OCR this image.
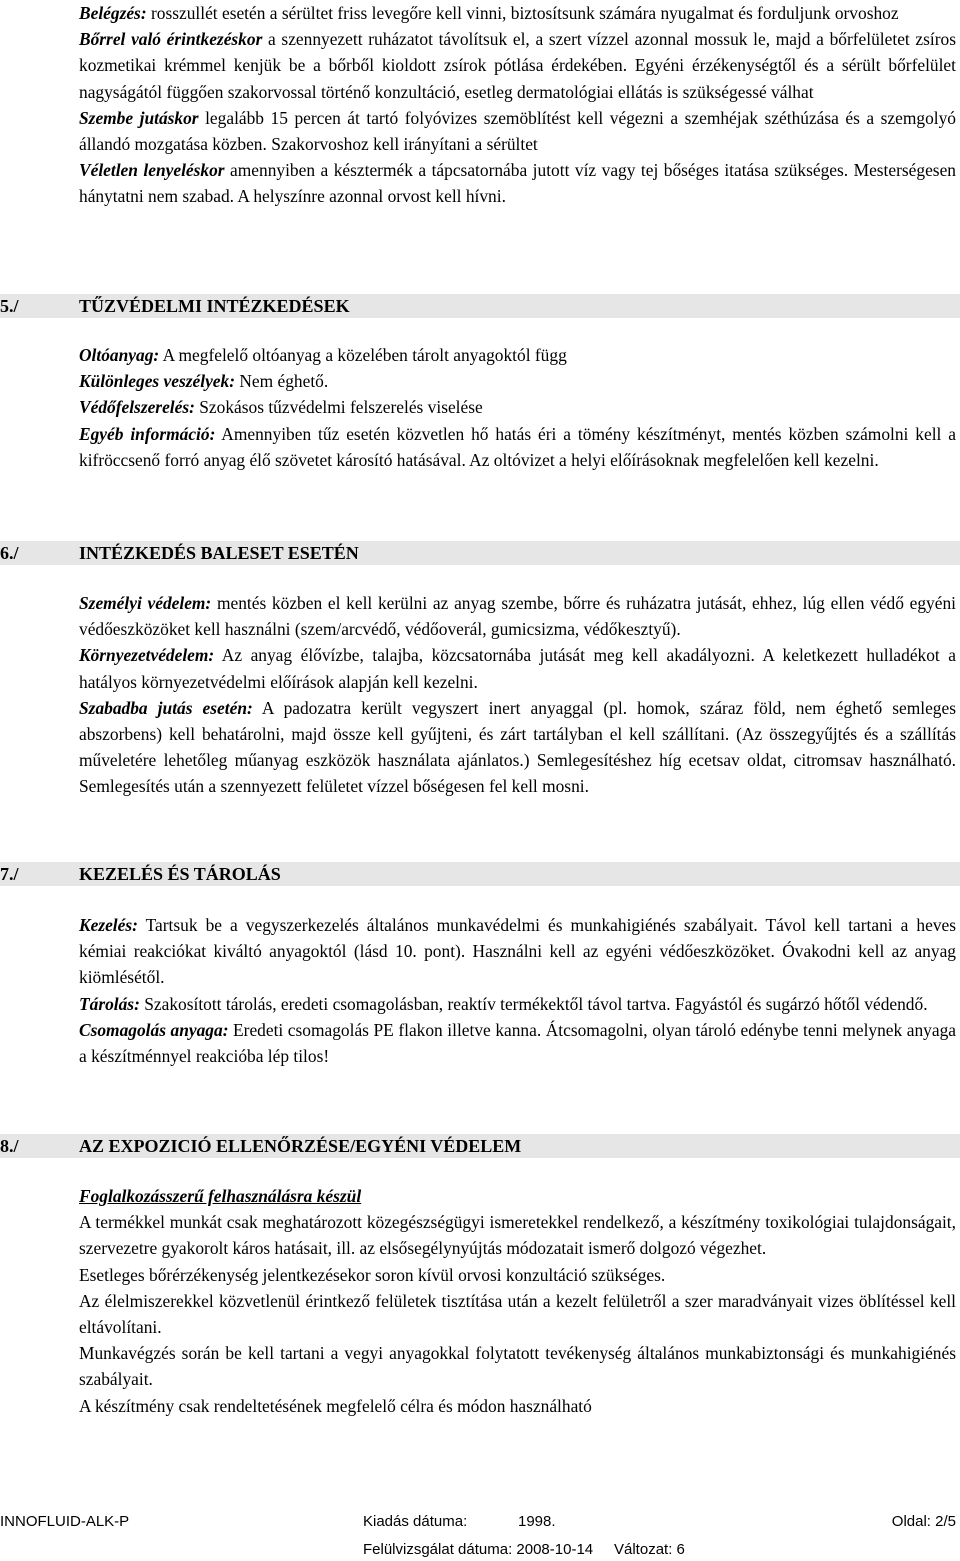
Belégzés: rosszullét esetén a sérültet friss levegőre kell vinni, biztosítsunk számára nyugalmat és forduljunk orvoshoz

Bőrrel való érintkezéskor a szennyezett ruházatot távolítsuk el, a szert vízzel azonnal mossuk le, majd a bőrfelületet zsíros kozmetikai krémmel kenjük be a bőrből kioldott zsírok pótlása érdekében. Egyéni érzékenységtől és a sérült bőrfelület nagyságától függően szakorvossal történő konzultáció, esetleg dermatológiai ellátás is szükségessé válhat

Szembe jutáskor legalább 15 percen át tartó folyóvizes szemöblítést kell végezni a szemhéjak széthúzása és a szemgolyó állandó mozgatása közben. Szakorvoshoz kell irányítani a sérültet

Véletlen lenyeléskor amennyiben a késztermék a tápcsatornába jutott víz vagy tej bőséges itatása szükséges. Mesterségesen hánytatni nem szabad. A helyszínre azonnal orvost kell hívni.

5./	TŰZVÉDELMI INTÉZKEDÉSEK

Oltóanyag: A megfelelő oltóanyag a közelében tárolt anyagoktól függ

Különleges veszélyek: Nem éghető.

Védőfelszerelés: Szokásos tűzvédelmi felszerelés viselése

Egyéb információ: Amennyiben tűz esetén közvetlen hő hatás éri a tömény készítményt, mentés közben számolni kell a kifröccsenő forró anyag élő szövetet károsító hatásával. Az oltóvizet a helyi előírásoknak megfelelően kell kezelni.

6./	INTÉZKEDÉS BALESET ESETÉN

Személyi védelem: mentés közben el kell kerülni az anyag szembe, bőrre és ruházatra jutását, ehhez, lúg ellen védő egyéni védőeszközöket kell használni (szem/arcvédő, védőoverál, gumicsizma, védőkesztyű).

Környezetvédelem: Az anyag élővízbe, talajba, közcsatornába jutását meg kell akadályozni. A keletkezett hulladékot a hatályos környezetvédelmi előírások alapján kell kezelni.

Szabadba jutás esetén: A padozatra került vegyszert inert anyaggal (pl. homok, száraz föld, nem éghető semleges abszorbens) kell behatárolni, majd össze kell gyűjteni, és zárt tartályban el kell szállítani. (Az összegyűjtés és a szállítás műveletére lehetőleg műanyag eszközök használata ajánlatos.) Semlegesítéshez híg ecetsav oldat, citromsav használható. Semlegesítés után a szennyezett felületet vízzel bőségesen fel kell mosni.

7./	KEZELÉS ÉS TÁROLÁS

Kezelés: Tartsuk be a vegyszerkezelés általános munkavédelmi és munkahigiénés szabályait. Távol kell tartani a heves kémiai reakciókat kiváltó anyagoktól (lásd 10. pont). Használni kell az egyéni védőeszközöket. Óvakodni kell az anyag kiömlésétől.

Tárolás: Szakosított tárolás, eredeti csomagolásban, reaktív termékektől távol tartva. Fagyástól és sugárzó hőtől védendő.

Csomagolás anyaga: Eredeti csomagolás PE flakon illetve kanna. Átcsomagolni, olyan tároló edénybe tenni melynek anyaga a készítménnyel reakcióba lép tilos!

8./	AZ EXPOZICIÓ ELLENŐRZÉSE/EGYÉNI VÉDELEM

Foglalkozásszerű felhasználásra készül

A termékkel munkát csak meghatározott közegészségügyi ismeretekkel rendelkező, a készítmény toxikológiai tulajdonságait, szervezetre gyakorolt káros hatásait, ill. az elsősegélynyújtás módozatait ismerő dolgozó végezhet.

Esetleges bőrérzékenység jelentkezésekor soron kívül orvosi konzultáció szükséges.

Az élelmiszerekkel közvetlenül érintkező felületek tisztítása után a kezelt felületről a szer maradványait vizes öblítéssel kell eltávolítani.

Munkavégzés során be kell tartani a vegyi anyagokkal folytatott tevékenység általános munkabiztonsági és munkahigiénés szabályait.

A készítmény csak rendeltetésének megfelelő célra és módon használható

INNOFLUID-ALK-P	Kiadás dátuma:	1998.	Oldal: 2/5
Felülvizsgálat dátuma: 2008-10-14 Változat: 6
